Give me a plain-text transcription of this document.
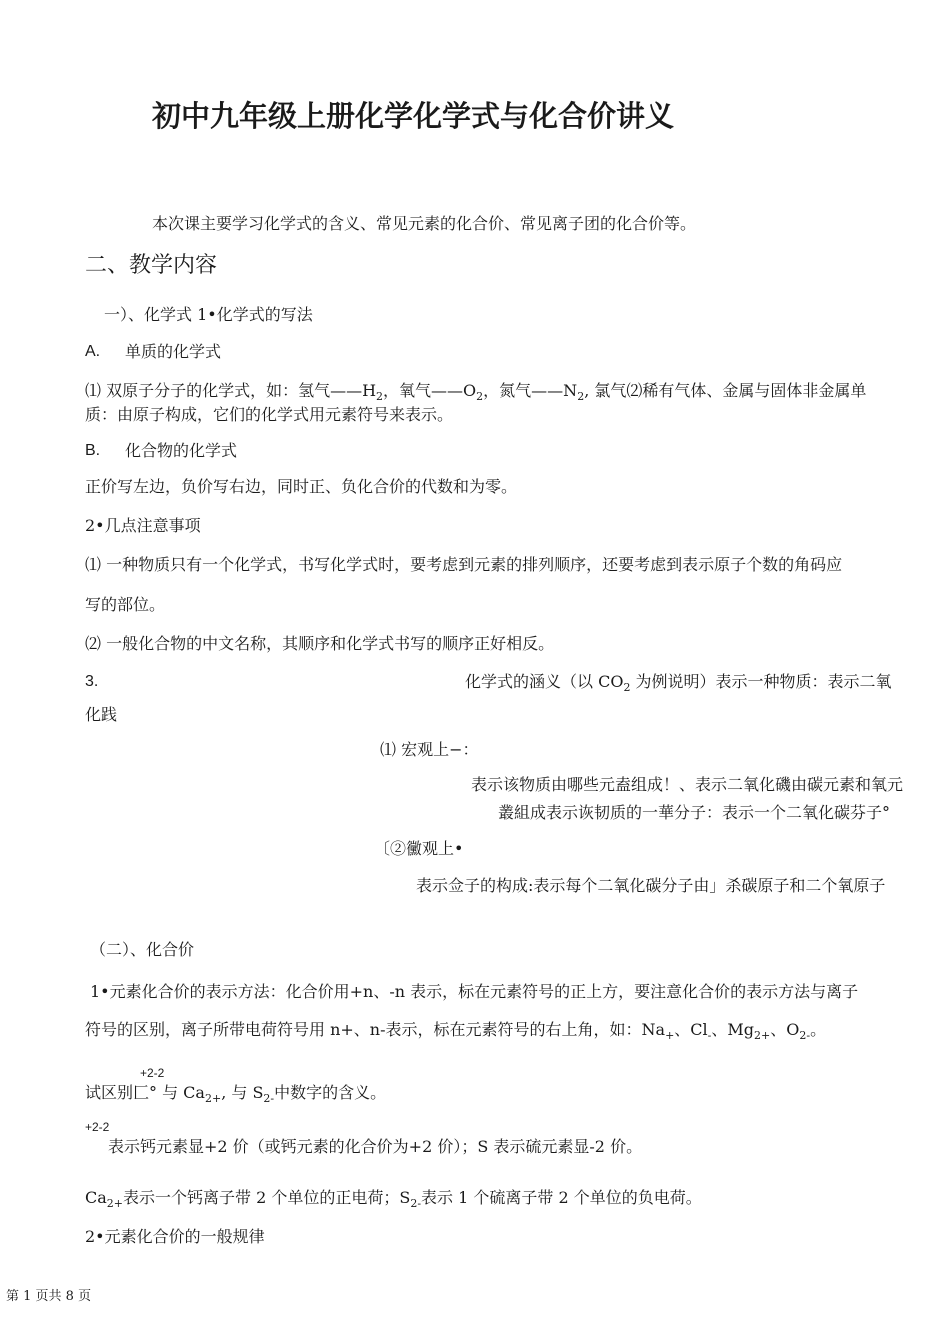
初中九年级上册化学化学式与化合价讲义
本次课主要学习化学式的含义、常见元素的化合价、常见离子团的化合价等。
二、教学内容
一）、化学式 1•化学式的写法
A. 单质的化学式
⑴ 双原子分子的化学式，如：氢气$——H_2$，氧气$——O_2$，氮气$——N_2$, 氯气⑵稀有气体、金属与固体非金属单
质：由原子构成，它们的化学式用元素符号来表示。
B. 化合物的化学式
正价写左边，负价写右边，同时正、负化合价的代数和为零。
2•几点注意事项
⑴ 一种物质只有一个化学式，书写化学式时，要考虑到元素的排列顺序，还要考虑到表示原子个数的角码应
写的部位。
⑵ 一般化合物的中文名称，其顺序和化学式书写的顺序正好相反。
3.	化学式的涵义（以 $CO_2$ 为例说明）表示一种物质：表示二氧
化践
⑴ 宏观上−：
表示该物质由哪些元盍组成！、表示二氧化磯由碳元素和氧元
叢組成表示诙韧质的一華分子：表示一个二氧化碳芬子°
〔②黴观上•
表示佥子的构成:表示每个二氧化碳分子由」杀碳原子和二个氧原子
（二）、化合价
1•元素化合价的表示方法：化合价用+n、-n 表示，标在元素符号的正上方，要注意化合价的表示方法与离子
符号的区别，离子所带电荷符号用 n+、n-表示，标在元素符号的右上角，如：$Na_+$、$Cl_-$、$Mg_{2+}$、$O_{2-}$。
+2-2
试区别匚° 与 $Ca_{2+}$, 与 $S_{2-}$中数字的含义。
+2-2
表示钙元素显+2 价（或钙元素的化合价为+2 价）；S 表示硫元素显-2 价。
$Ca_{2+}$表示一个钙离子带 2 个单位的正电荷；$S_{2-}$表示 1 个硫离子带 2 个单位的负电荷。
2•元素化合价的一般规律
第 1 页共 8 页
